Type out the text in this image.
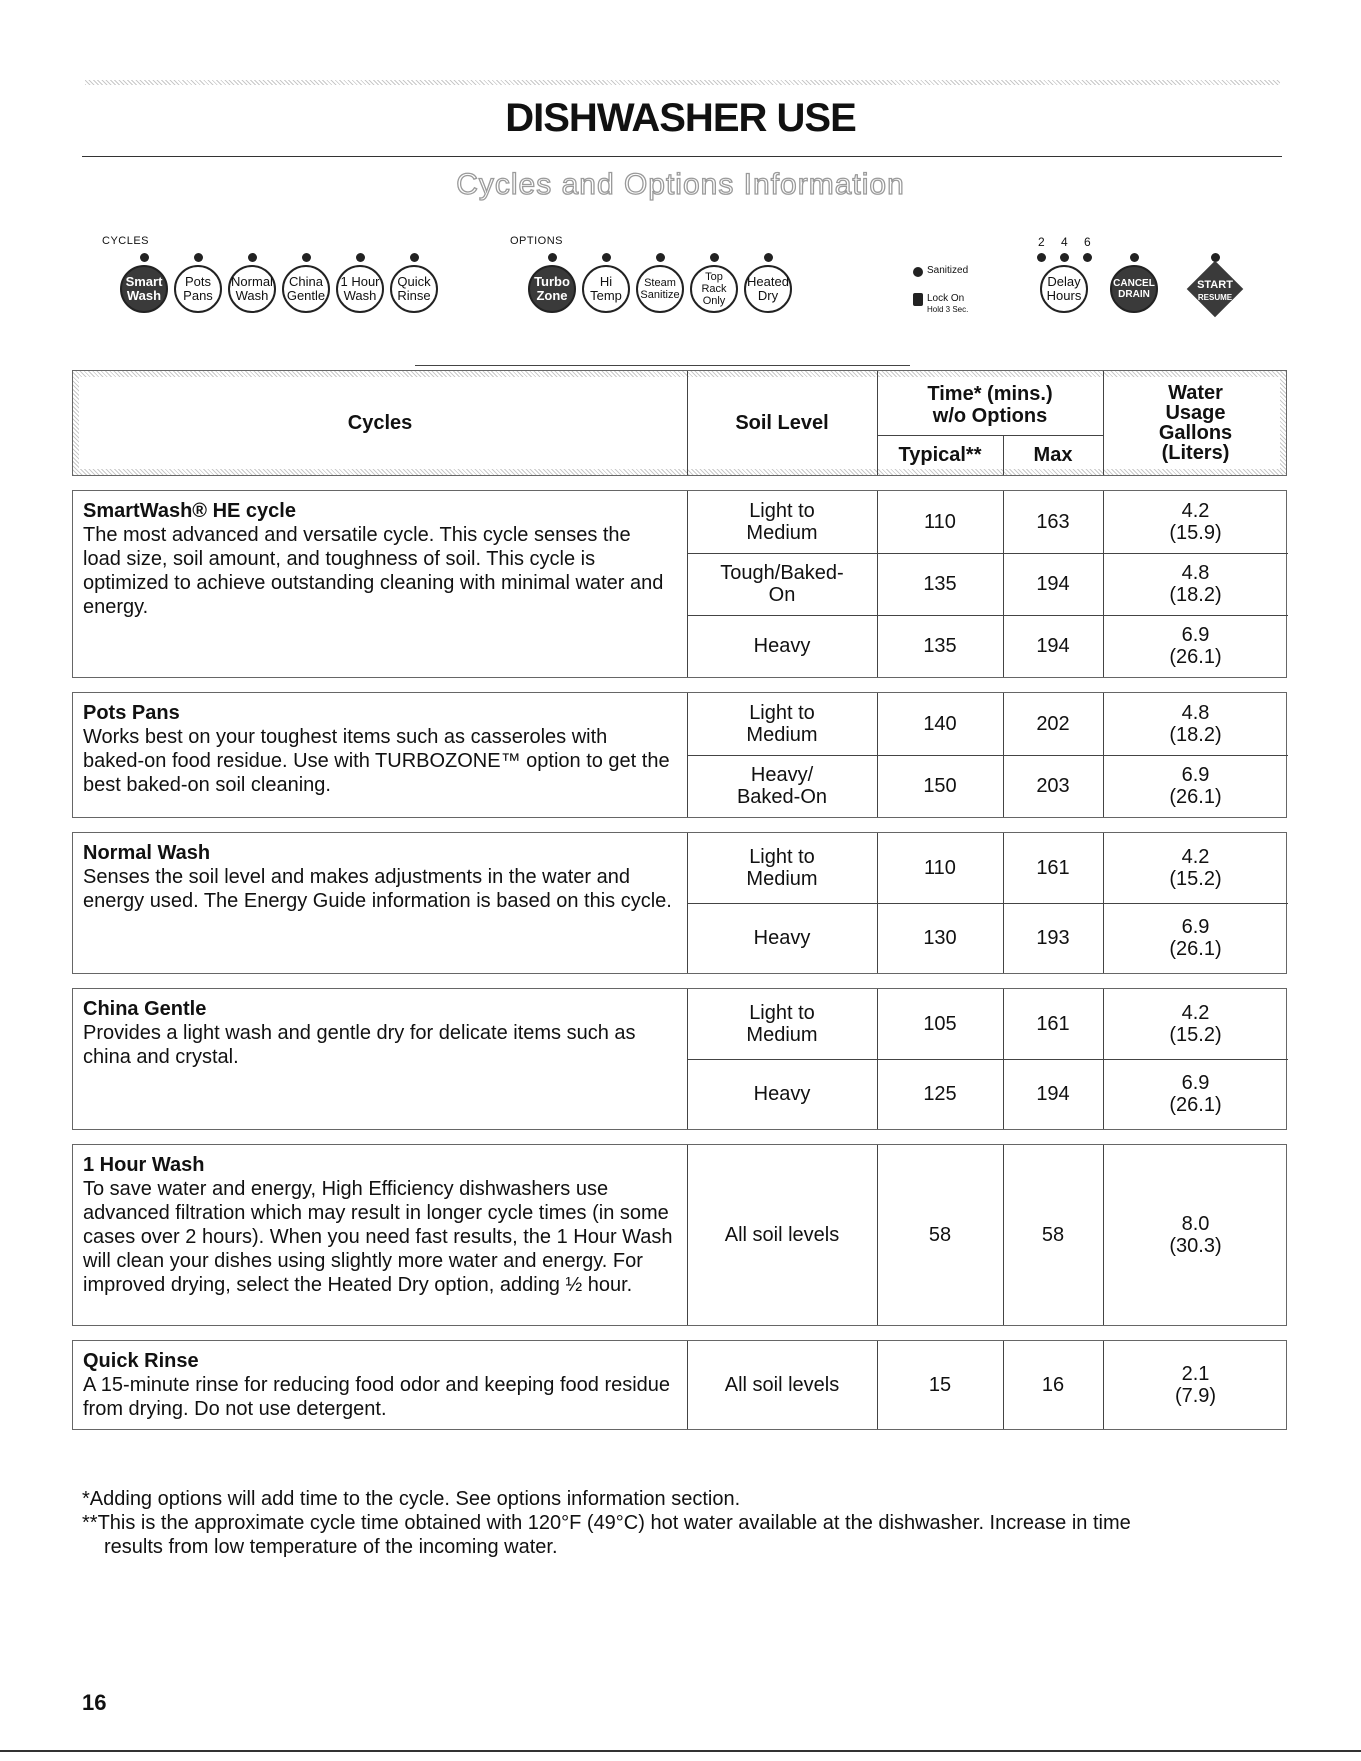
DISHWASHER USE
Cycles and Options Information
CYCLES	OPTIONS
Smart
Wash
Pots
Pans
Normal
Wash
China
Gentle
1 Hour
Wash
Quick
Rinse
Turbo
Zone
Hi
Temp
Steam
Sanitize
Top Rack
Only
Heated
Dry
Sanitized
Lock On
Hold 3 Sec.
2 4 6
Delay
Hours
CANCEL
DRAIN
START
RESUME
Cycles	Soil Level
Time* (mins.)
w/o Options
Typical**	Max
Water
Usage
Gallons
(Liters)
SmartWash® HE cycle
The most advanced and versatile cycle. This cycle senses the load size, soil amount, and toughness of soil. This cycle is optimized to achieve outstanding cleaning with minimal water and energy.
Light to Medium	110	163	4.2
(15.9)
Tough/Baked-On	135	194	4.8
(18.2)
Heavy	135	194	6.9
(26.1)
Pots Pans
Works best on your toughest items such as casseroles with baked-on food residue. Use with TURBOZONE™ option to get the best baked-on soil cleaning.
Light to Medium	140	202	4.8
(18.2)
Heavy/ Baked-On	150	203	6.9
(26.1)
Normal Wash
Senses the soil level and makes adjustments in the water and energy used. The Energy Guide information is based on this cycle.
Light to Medium	110	161	4.2
(15.2)
Heavy	130	193	6.9
(26.1)
China Gentle
Provides a light wash and gentle dry for delicate items such as china and crystal.
Light to Medium	105	161	4.2
(15.2)
Heavy	125	194	6.9
(26.1)
1 Hour Wash
To save water and energy, High Efficiency dishwashers use advanced filtration which may result in longer cycle times (in some cases over 2 hours). When you need fast results, the 1 Hour Wash will clean your dishes using slightly more water and energy. For improved drying, select the Heated Dry option, adding ½ hour.
All soil levels	58	58	8.0
(30.3)
Quick Rinse
A 15-minute rinse for reducing food odor and keeping food residue from drying. Do not use detergent.
All soil levels	15	16	2.1
(7.9)
*Adding options will add time to the cycle. See options information section.
**This is the approximate cycle time obtained with 120°F (49°C) hot water available at the dishwasher. Increase in time
results from low temperature of the incoming water.
16
